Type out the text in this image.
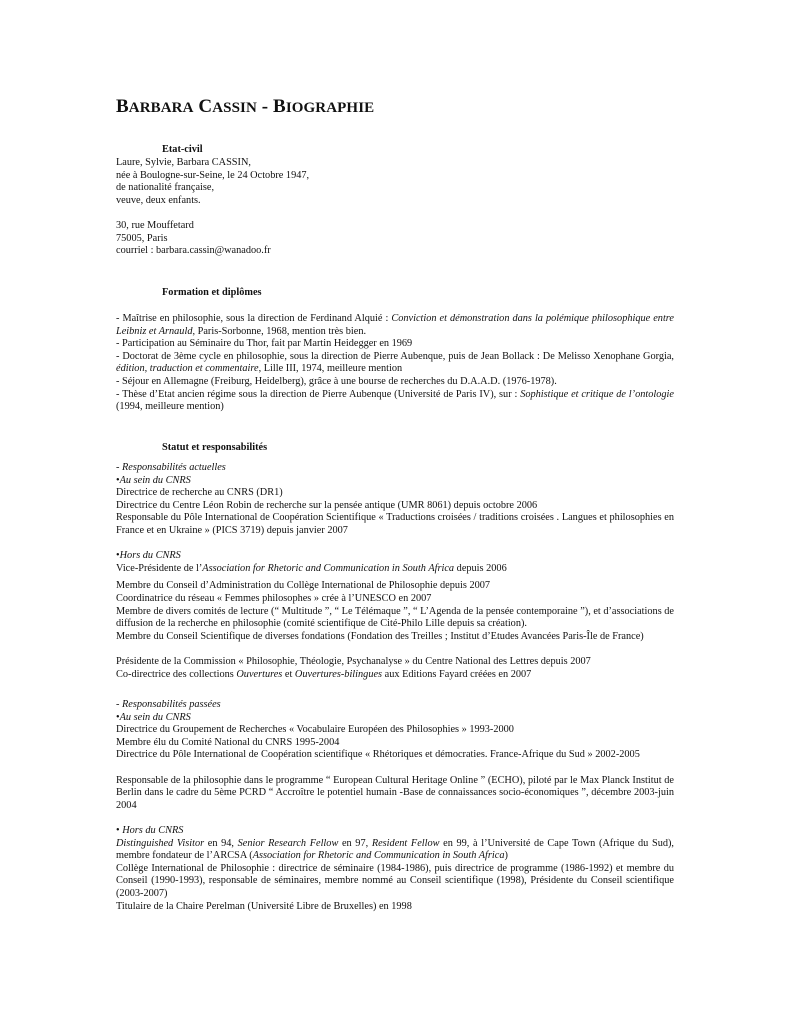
BARBARA CASSIN - BIOGRAPHIE
Etat-civil

Laure, Sylvie, Barbara CASSIN,

née à Boulogne-sur-Seine, le 24 Octobre 1947,

de nationalité française,

veuve, deux enfants.

30, rue Mouffetard

75005, Paris

courriel : barbara.cassin@wanadoo.fr

Formation et diplômes

- Maîtrise en philosophie, sous la direction de Ferdinand Alquié : Conviction et démonstration dans la polémique philosophique entre Leibniz et Arnauld, Paris-Sorbonne, 1968, mention très bien.

- Participation au Séminaire du Thor, fait par Martin Heidegger en 1969

- Doctorat de 3ème cycle en philosophie, sous la direction de Pierre Aubenque, puis de Jean Bollack : De Melisso Xenophane Gorgia, édition, traduction et commentaire, Lille III, 1974, meilleure mention

- Séjour en Allemagne (Freiburg, Heidelberg), grâce à une bourse de recherches du D.A.A.D. (1976-1978).

- Thèse d’Etat ancien régime sous la direction de Pierre Aubenque (Université de Paris IV), sur : Sophistique et critique de l’ontologie (1994, meilleure mention)

Statut et responsabilités

- Responsabilités actuelles

•Au sein du CNRS

Directrice de recherche au CNRS (DR1)

Directrice du Centre Léon Robin de recherche sur la pensée antique (UMR 8061) depuis octobre 2006

Responsable du Pôle International de Coopération Scientifique « Traductions croisées / traditions croisées . Langues et philosophies en France et en Ukraine » (PICS 3719) depuis janvier 2007

•Hors du CNRS

Vice-Présidente de l’Association for Rhetoric and Communication in South Africa depuis 2006

Membre du Conseil d’Administration du Collège International de Philosophie depuis 2007

Coordinatrice du réseau « Femmes philosophes » crée à l’UNESCO en 2007

Membre de divers comités de lecture (“ Multitude ”, “ Le Télémaque ”, “ L’Agenda de la pensée contemporaine ”), et d’associations de diffusion de la recherche en philosophie (comité scientifique de Cité-Philo Lille depuis sa création).

Membre du Conseil Scientifique de diverses fondations (Fondation des Treilles ; Institut d’Etudes Avancées Paris-Île de France)

Présidente de la Commission « Philosophie, Théologie, Psychanalyse » du Centre National des Lettres depuis 2007

Co-directrice des collections Ouvertures et Ouvertures-bilingues aux Editions Fayard créées en 2007

- Responsabilités passées

•Au sein du CNRS

Directrice du Groupement de Recherches « Vocabulaire Européen des Philosophies » 1993-2000

Membre élu du Comité National du CNRS 1995-2004

Directrice du Pôle International de Coopération scientifique « Rhétoriques et démocraties. France-Afrique du Sud » 2002-2005

Responsable de la philosophie dans le programme “ European Cultural Heritage Online ” (ECHO), piloté par le Max Planck Institut de Berlin dans le cadre du 5ème PCRD “ Accroître le potentiel humain -Base de connaissances socio-économiques ”, décembre 2003-juin 2004

• Hors du CNRS

Distinguished Visitor en 94, Senior Research Fellow en 97, Resident Fellow en 99, à l’Université de Cape Town (Afrique du Sud), membre fondateur de l’ARCSA (Association for Rhetoric and Communication in South Africa)

Collège International de Philosophie : directrice de séminaire (1984-1986), puis directrice de programme (1986-1992) et membre du Conseil (1990-1993), responsable de séminaires, membre nommé au Conseil scientifique (1998), Présidente du Conseil scientifique (2003-2007)

Titulaire de la Chaire Perelman (Université Libre de Bruxelles) en 1998
